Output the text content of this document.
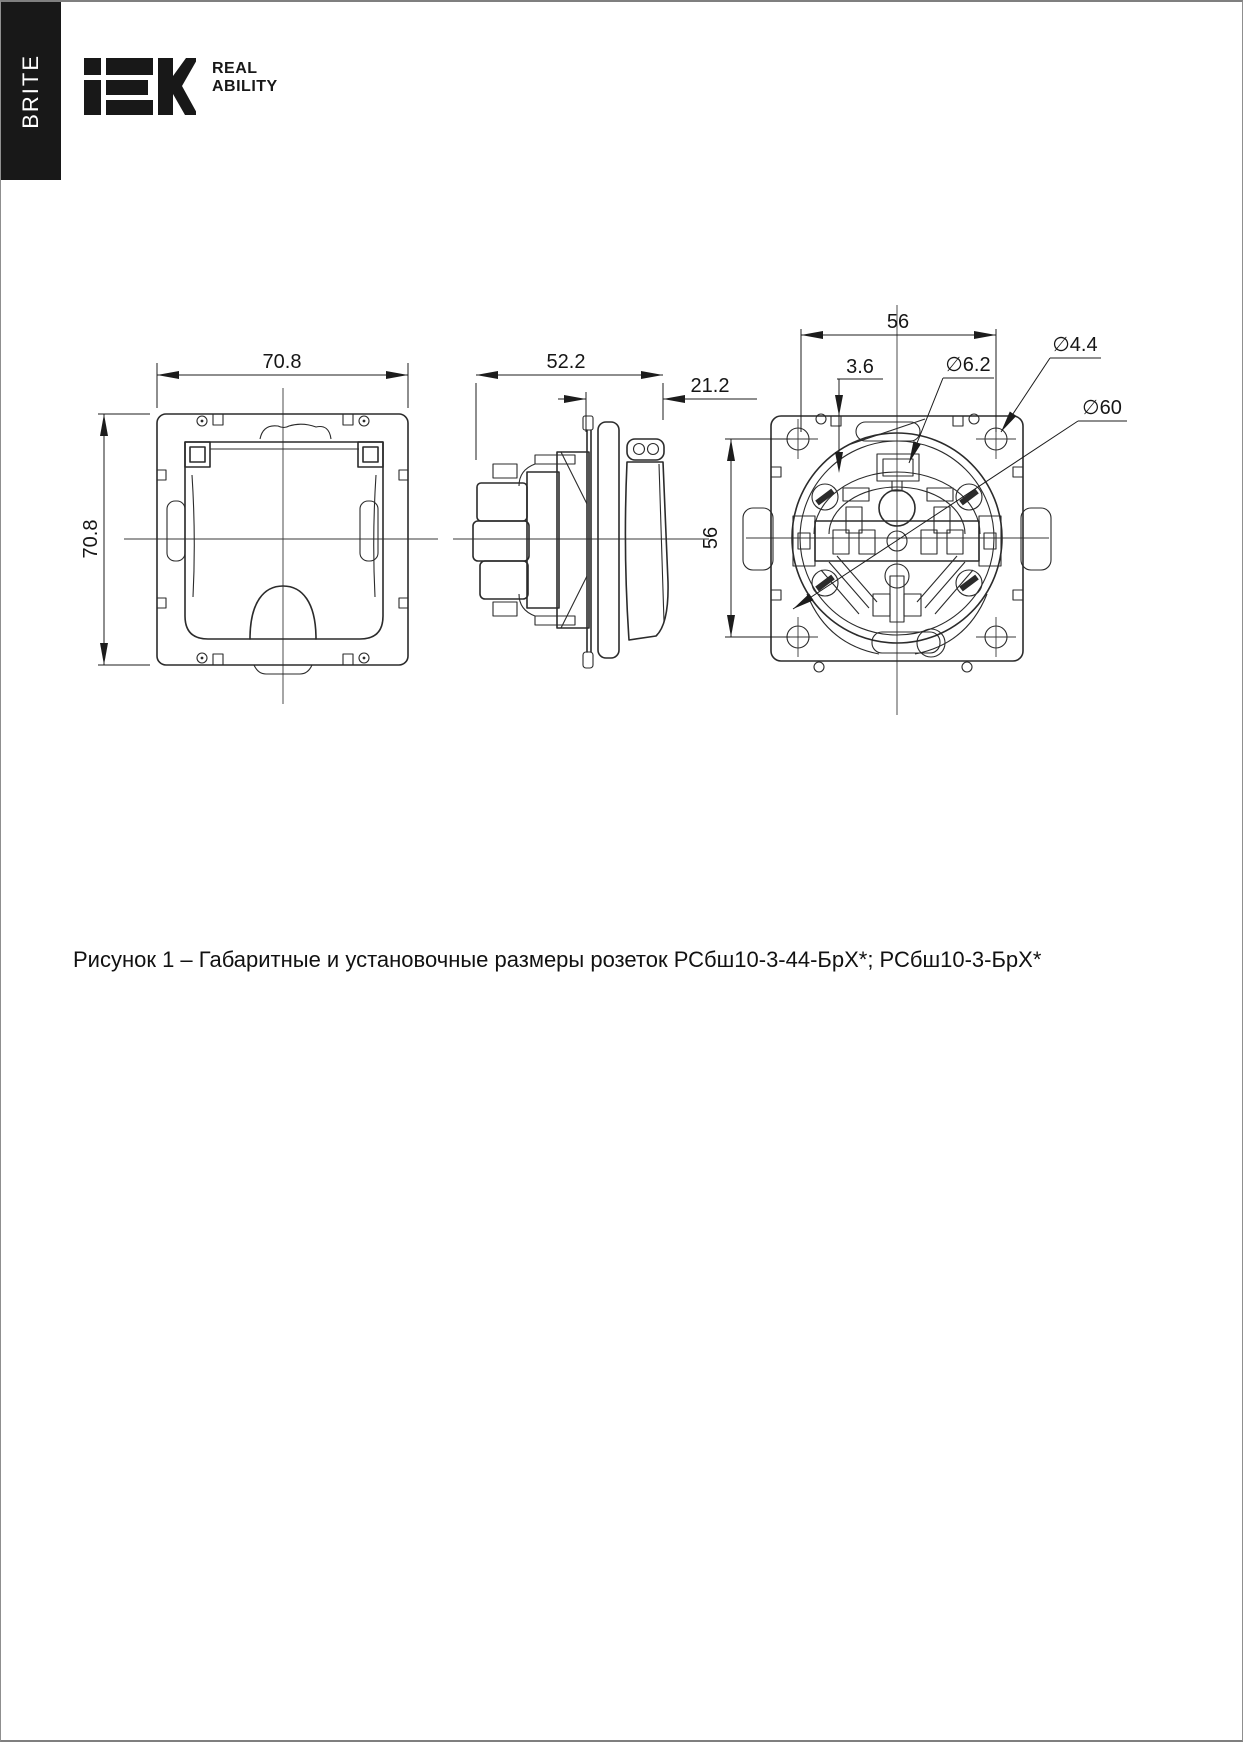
BRITE	REAL
ABILITY
70.8
70.8
52.2
21.2
56
56
3.6	∅6.2
∅4.4
∅60
Рисунок 1 – Габаритные и установочные размеры розеток РСбш10-3-44-БрХ*; РСбш10-3-БрХ*
